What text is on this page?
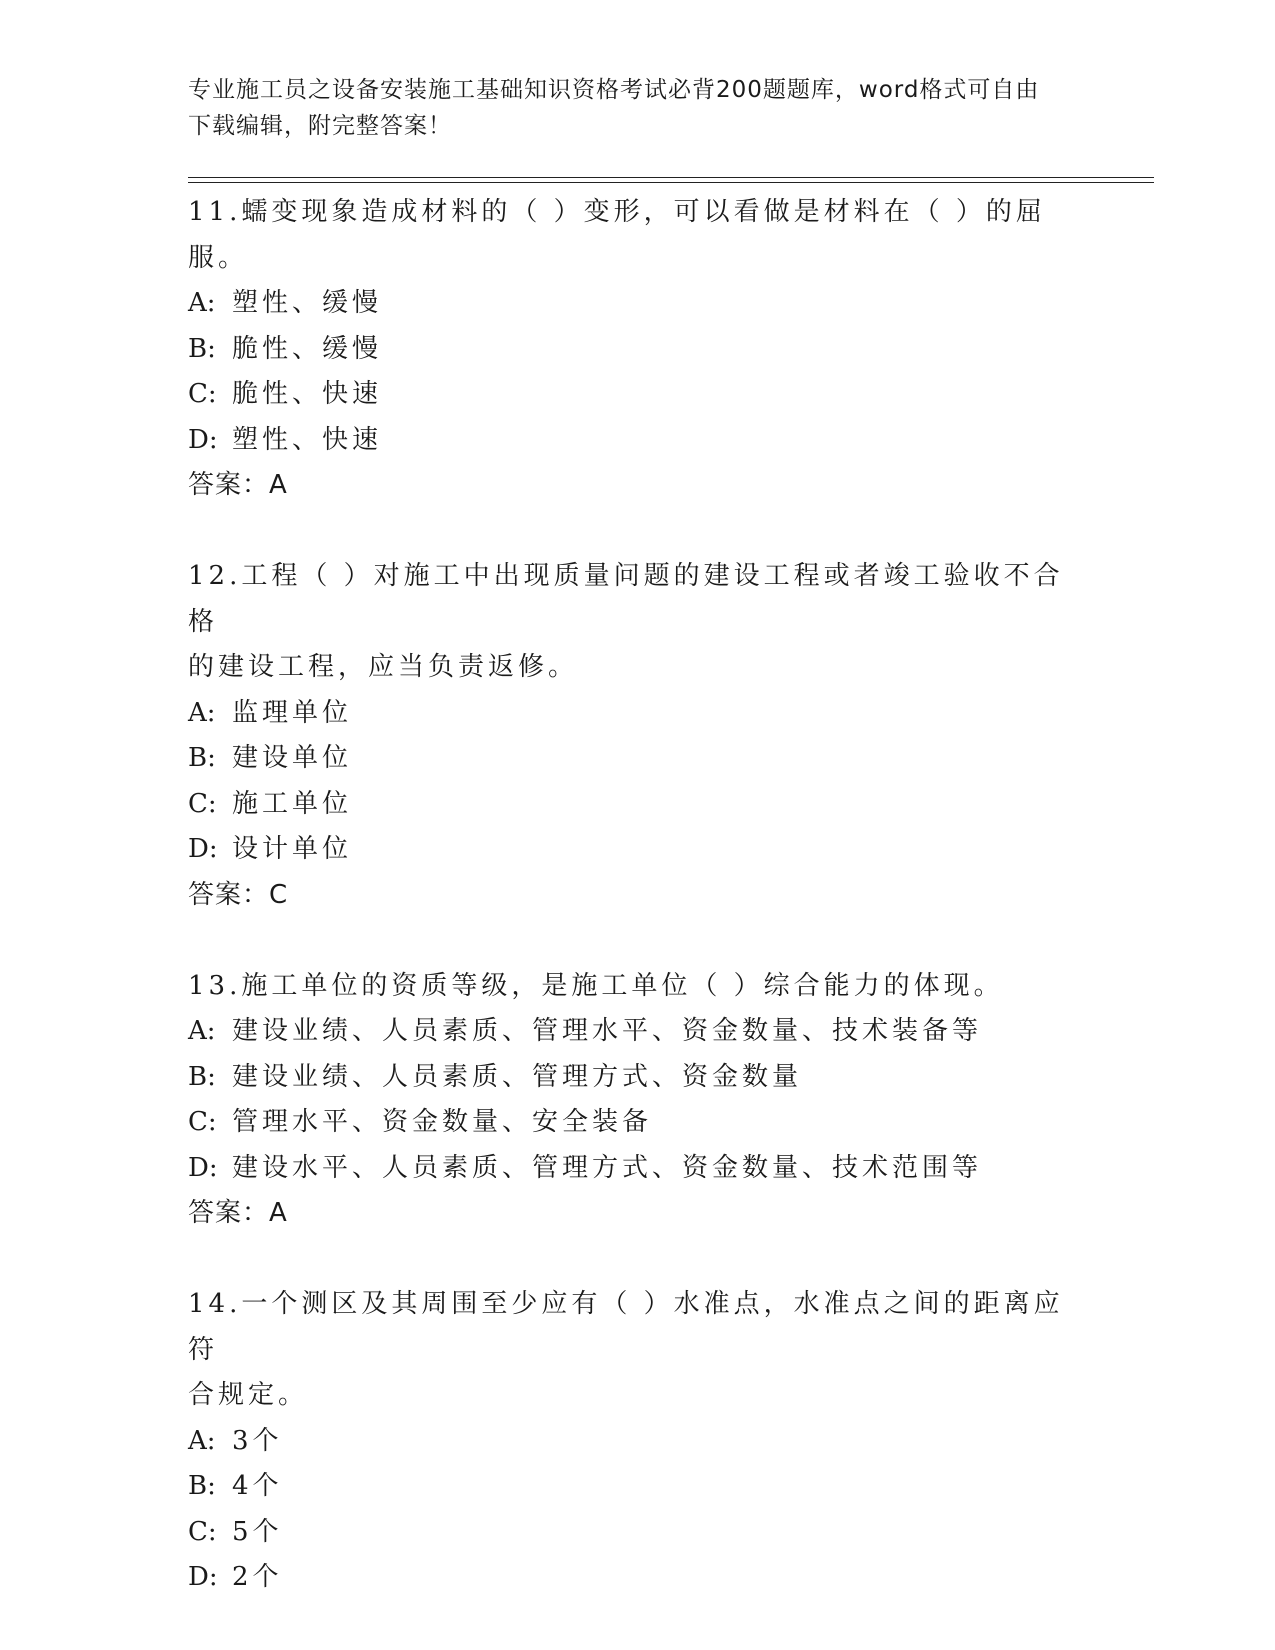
专业施工员之设备安装施工基础知识资格考试必背200题题库，word格式可自由
下载编辑，附完整答案！
11.蠕变现象造成材料的（ ）变形，可以看做是材料在（ ）的屈服。
A: 塑性、缓慢
B: 脆性、缓慢
C: 脆性、快速
D: 塑性、快速
答案：A
12.工程（ ）对施工中出现质量问题的建设工程或者竣工验收不合格
的建设工程，应当负责返修。
A: 监理单位
B: 建设单位
C: 施工单位
D: 设计单位
答案：C
13.施工单位的资质等级，是施工单位（ ）综合能力的体现。
A: 建设业绩、人员素质、管理水平、资金数量、技术装备等
B: 建设业绩、人员素质、管理方式、资金数量
C: 管理水平、资金数量、安全装备
D: 建设水平、人员素质、管理方式、资金数量、技术范围等
答案：A
14.一个测区及其周围至少应有（ ）水准点，水准点之间的距离应符
合规定。
A: 3个
B: 4个
C: 5个
D: 2个
